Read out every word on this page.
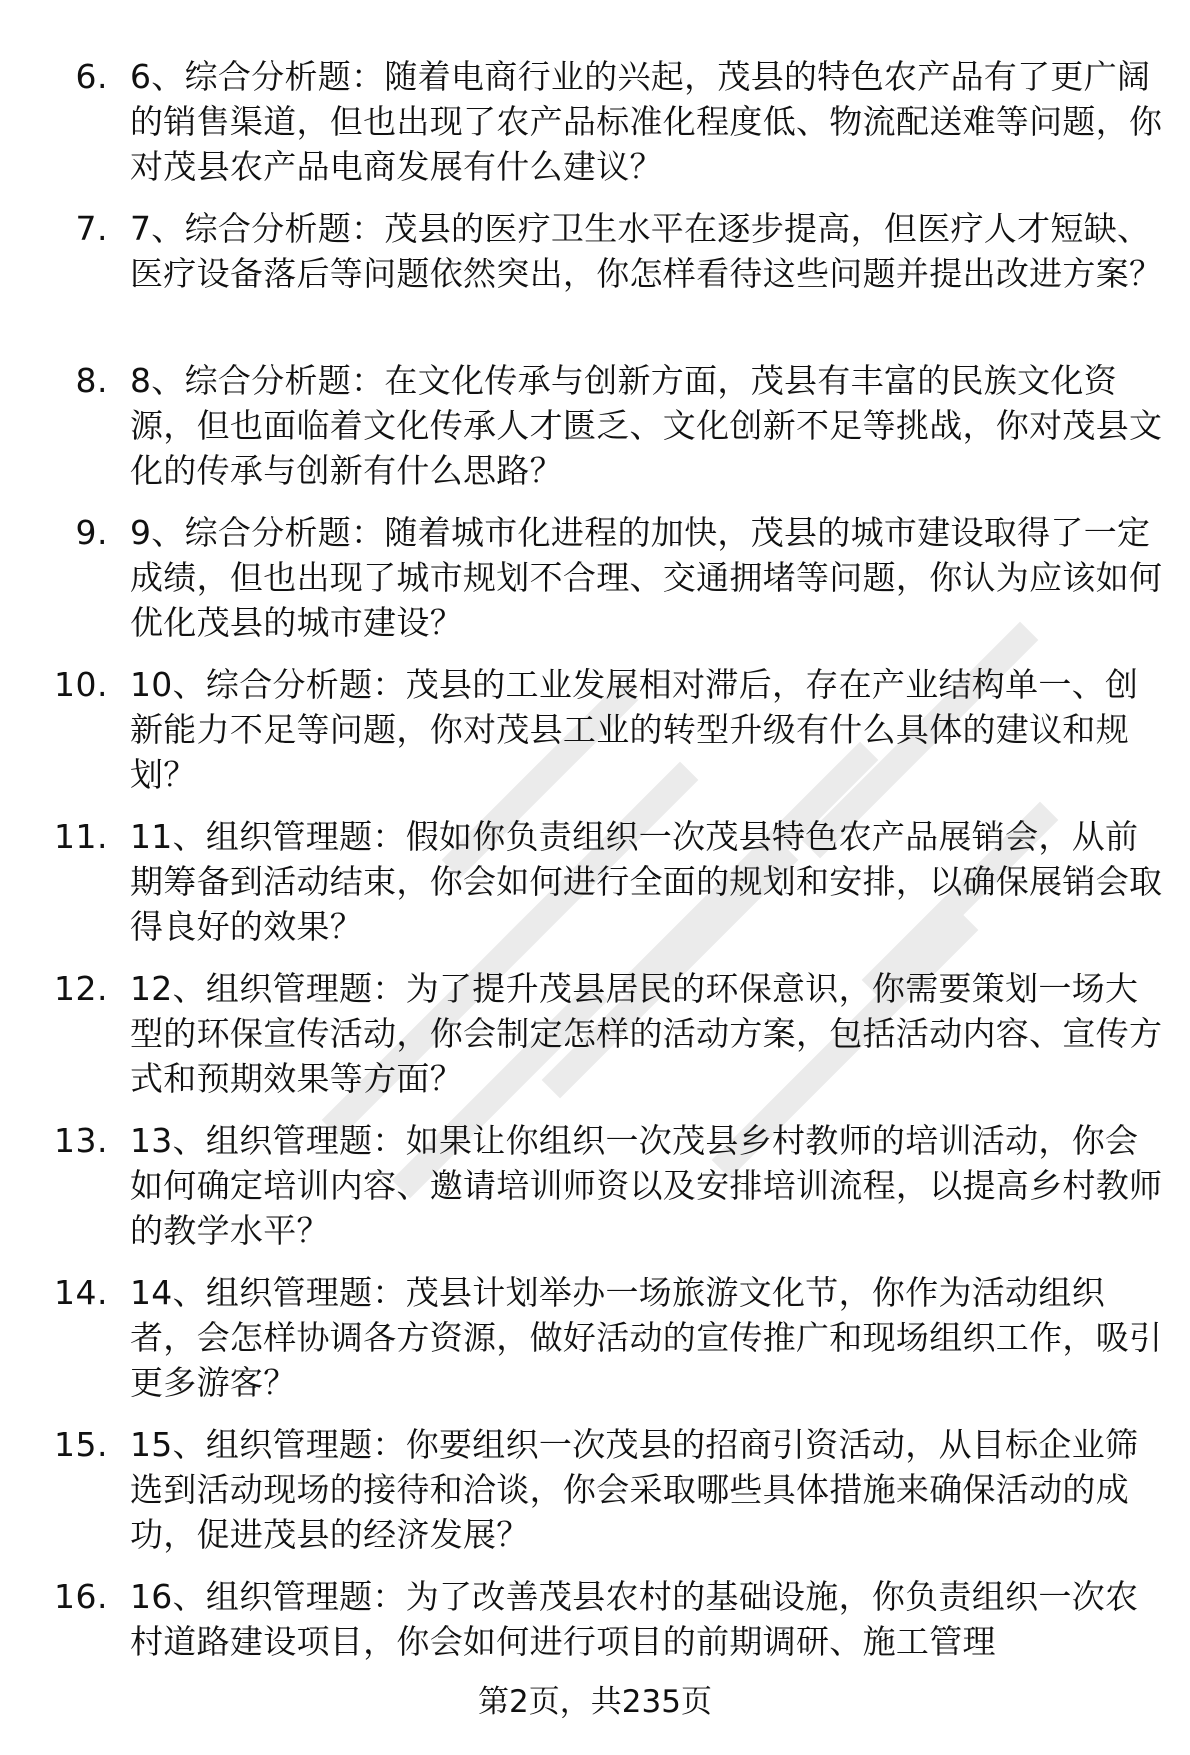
6. 6、综合分析题：随着电商行业的兴起，茂县的特色农产品有了更广阔的销售渠道，但也出现了农产品标准化程度低、物流配送难等问题，你对茂县农产品电商发展有什么建议？
7. 7、综合分析题：茂县的医疗卫生水平在逐步提高，但医疗人才短缺、医疗设备落后等问题依然突出，你怎样看待这些问题并提出改进方案？
8. 8、综合分析题：在文化传承与创新方面，茂县有丰富的民族文化资源，但也面临着文化传承人才匮乏、文化创新不足等挑战，你对茂县文化的传承与创新有什么思路？
9. 9、综合分析题：随着城市化进程的加快，茂县的城市建设取得了一定成绩，但也出现了城市规划不合理、交通拥堵等问题，你认为应该如何优化茂县的城市建设？
10. 10、综合分析题：茂县的工业发展相对滞后，存在产业结构单一、创新能力不足等问题，你对茂县工业的转型升级有什么具体的建议和规划？
11. 11、组织管理题：假如你负责组织一次茂县特色农产品展销会，从前期筹备到活动结束，你会如何进行全面的规划和安排，以确保展销会取得良好的效果？
12. 12、组织管理题：为了提升茂县居民的环保意识，你需要策划一场大型的环保宣传活动，你会制定怎样的活动方案，包括活动内容、宣传方式和预期效果等方面？
13. 13、组织管理题：如果让你组织一次茂县乡村教师的培训活动，你会如何确定培训内容、邀请培训师资以及安排培训流程，以提高乡村教师的教学水平？
14. 14、组织管理题：茂县计划举办一场旅游文化节，你作为活动组织者，会怎样协调各方资源，做好活动的宣传推广和现场组织工作，吸引更多游客？
15. 15、组织管理题：你要组织一次茂县的招商引资活动，从目标企业筛选到活动现场的接待和洽谈，你会采取哪些具体措施来确保活动的成功，促进茂县的经济发展？
16. 16、组织管理题：为了改善茂县农村的基础设施，你负责组织一次农村道路建设项目，你会如何进行项目的前期调研、施工管理
第2页，共235页
